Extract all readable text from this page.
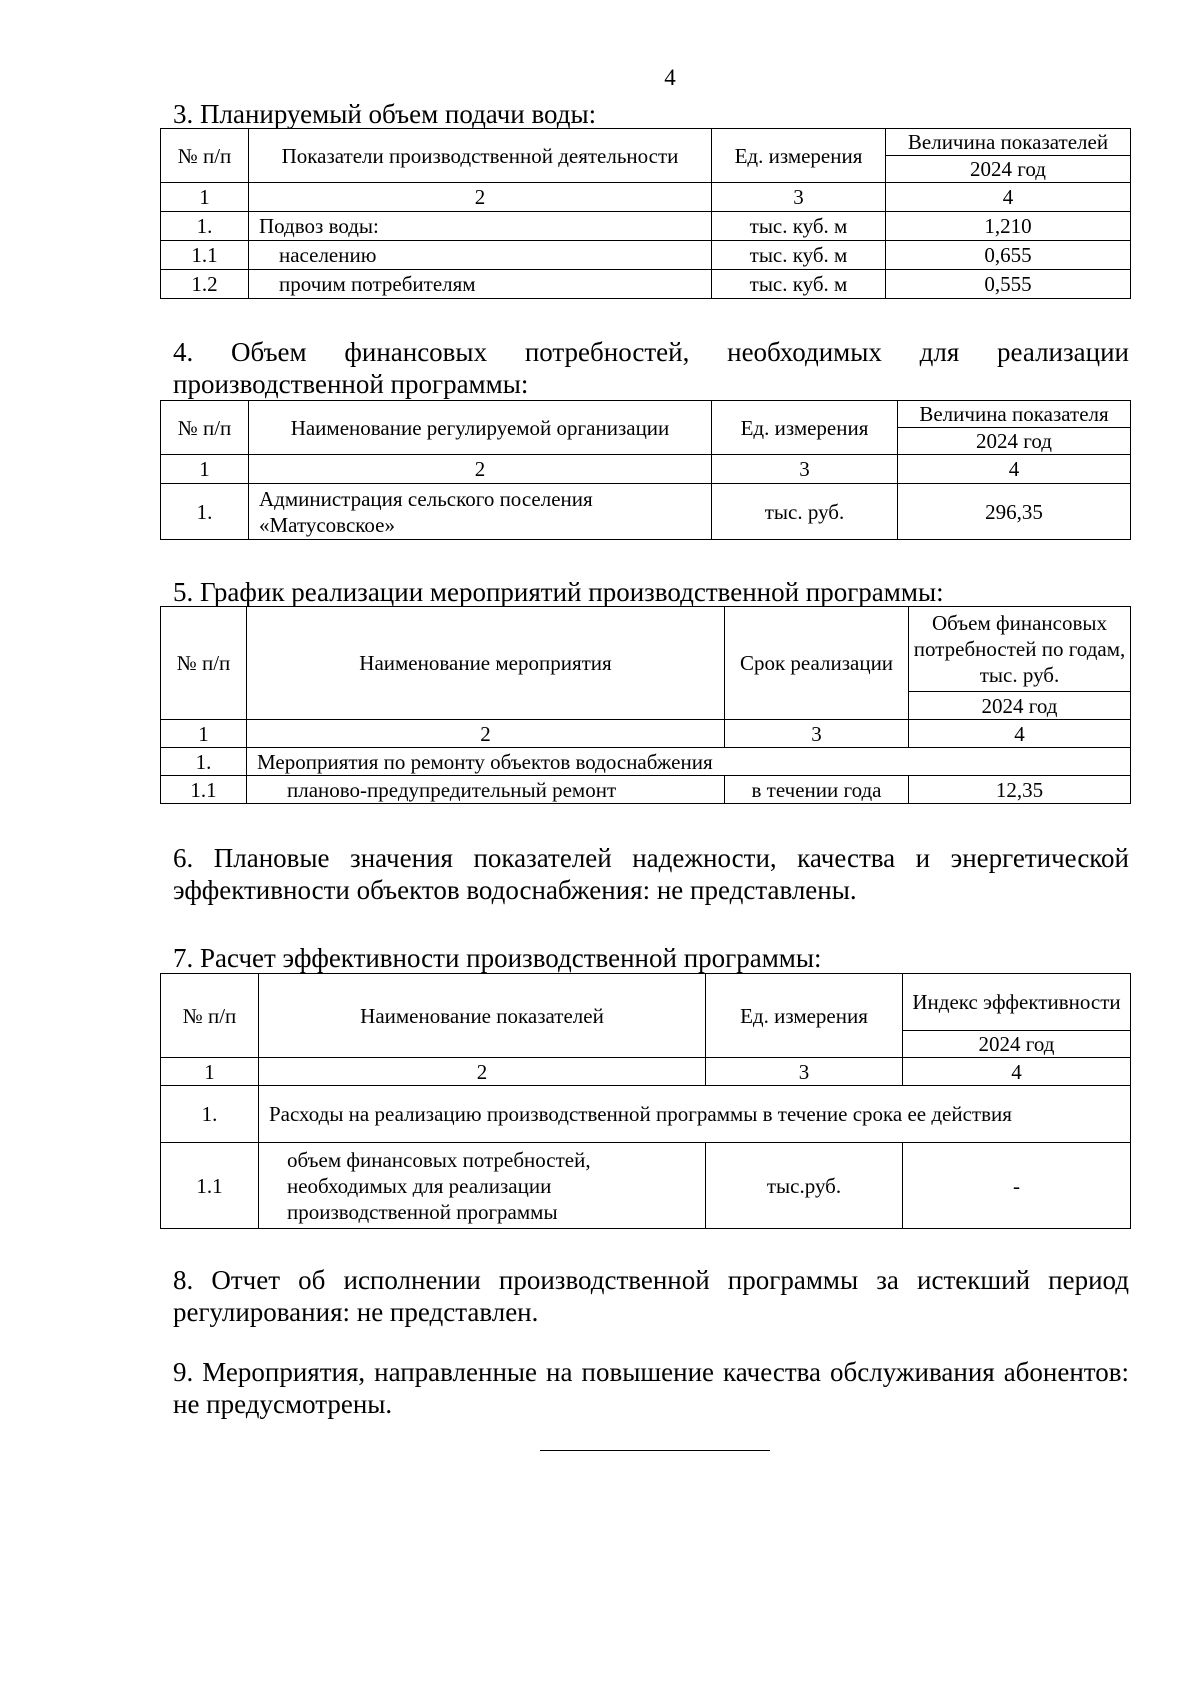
4

3. Планируемый объем подачи воды:

№ п/п	Показатели производственной деятельности	Ед. измерения	Величина показателей
			2024 год
1	2	3	4
1.	Подвоз воды:	тыс. куб. м	1,210
1.1	населению	тыс. куб. м	0,655
1.2	прочим потребителям	тыс. куб. м	0,555

4. Объем финансовых потребностей, необходимых для реализации производственной программы:

№ п/п	Наименование регулируемой организации	Ед. измерения	Величина показателя
			2024 год
1	2	3	4
1.	Администрация сельского поселения «Матусовское»	тыс. руб.	296,35

5. График реализации мероприятий производственной программы:

№ п/п	Наименование мероприятия	Срок реализации	Объем финансовых потребностей по годам, тыс. руб.
			2024 год
1	2	3	4
1.	Мероприятия по ремонту объектов водоснабжения		
1.1	планово-предупредительный ремонт	в течении года	12,35

6. Плановые значения показателей надежности, качества и энергетической эффективности объектов водоснабжения: не представлены.

7. Расчет эффективности производственной программы:

№ п/п	Наименование показателей	Ед. измерения	Индекс эффективности
			2024 год
1	2	3	4
1.	Расходы на реализацию производственной программы в течение срока ее действия		
1.1	объем финансовых потребностей, необходимых для реализации производственной программы	тыс.руб.	-

8. Отчет об исполнении производственной программы за истекший период регулирования: не представлен.

9. Мероприятия, направленные на повышение качества обслуживания абонентов: не предусмотрены.
